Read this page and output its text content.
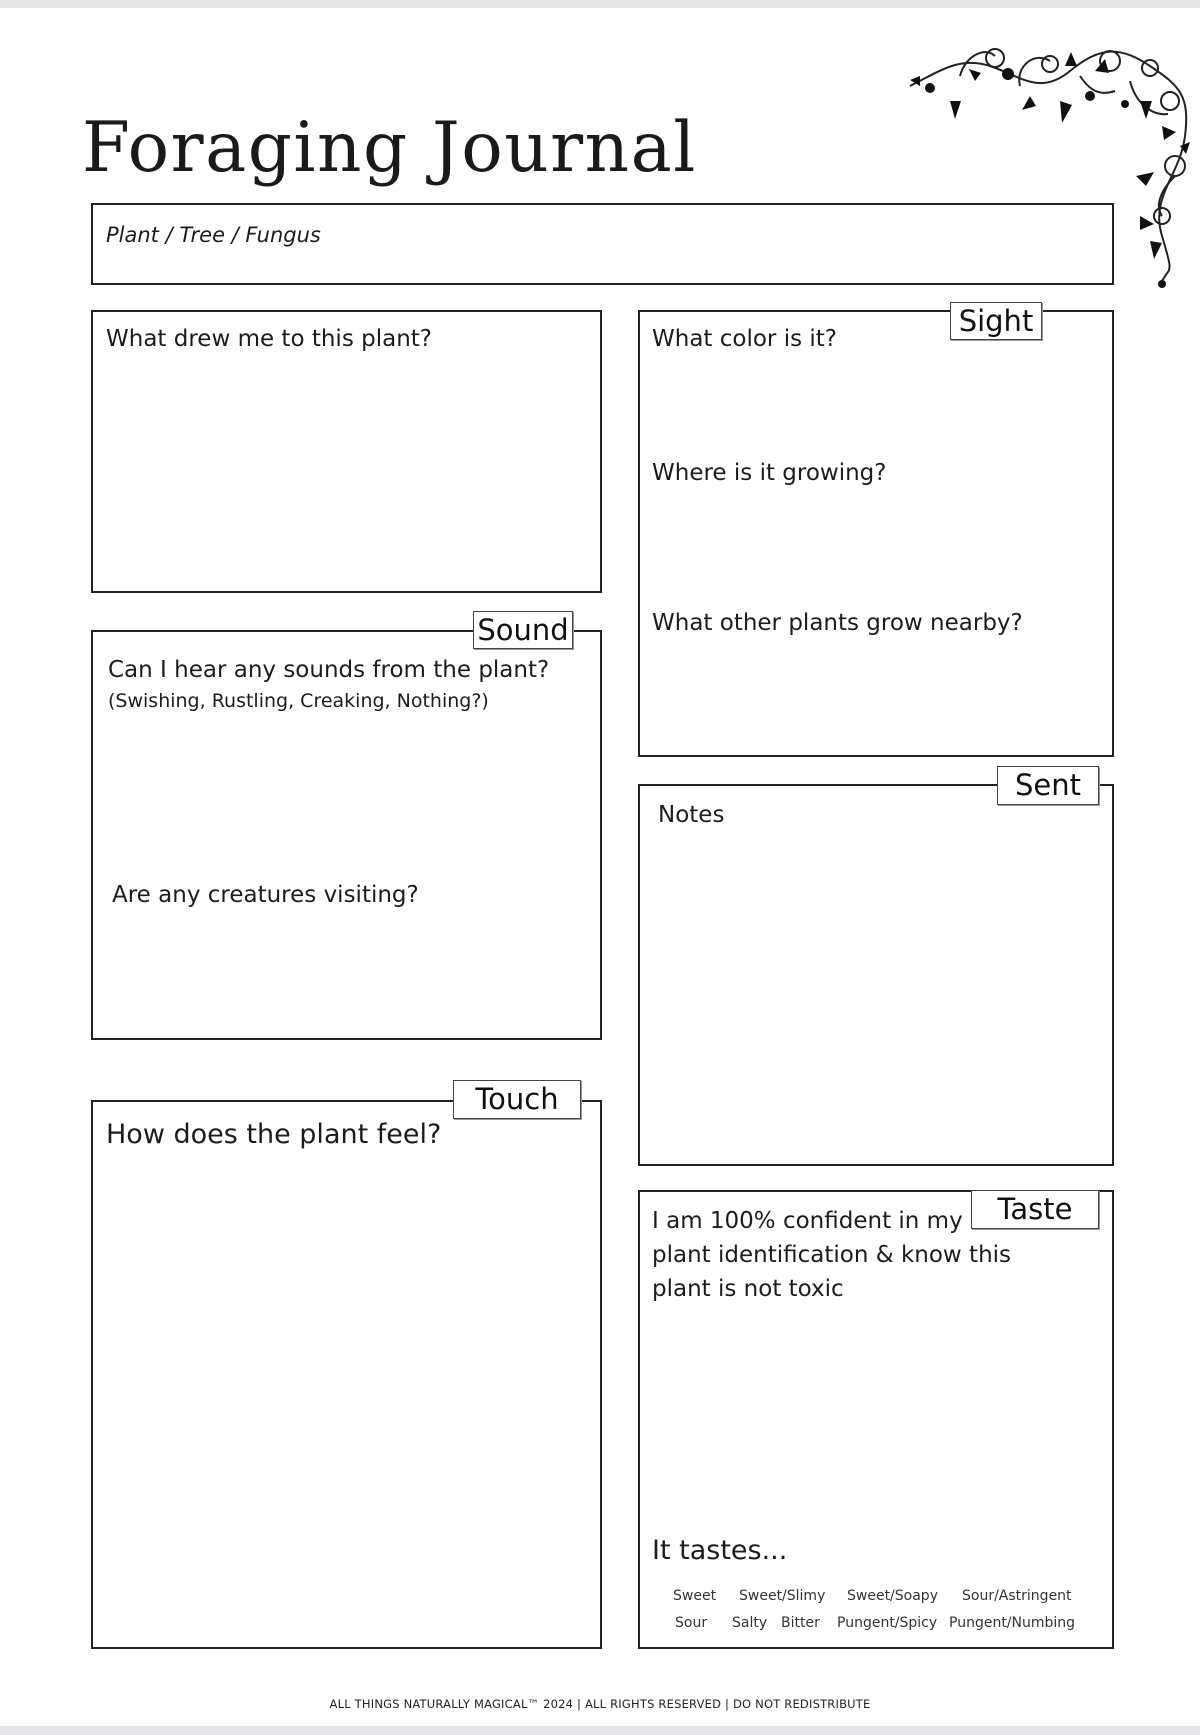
Foraging Journal
Plant / Tree / Fungus
What drew me to this plant?	What color is it?
Where is it growing?
What other plants grow nearby?
Sight
Can I hear any sounds from the plant?
(Swishing, Rustling, Creaking, Nothing?)
Are any creatures visiting?
Sound
Notes
Sent
How does the plant feel?
Touch
I am 100% confident in my plant identification & know this plant is not toxic
It tastes...
Sweet Sweet/Slimy Sweet/Soapy Sour/Astringent
Sour Salty Bitter Pungent/Spicy Pungent/Numbing
Taste
ALL THINGS NATURALLY MAGICAL™ 2024 | ALL RIGHTS RESERVED | DO NOT REDISTRIBUTE
